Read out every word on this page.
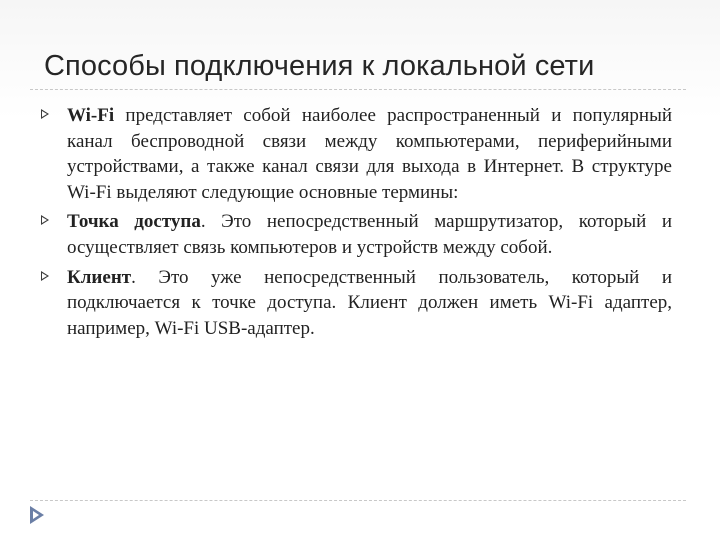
Способы подключения к локальной сети
Wi-Fi представляет собой наиболее распространенный и популярный канал беспроводной связи между компьютерами, периферийными устройствами, а также канал связи для выхода в Интернет. В структуре Wi-Fi выделяют следующие основные термины:
Точка доступа. Это непосредственный маршрутизатор, который и осуществляет связь компьютеров и устройств между собой.
Клиент. Это уже непосредственный пользователь, который и подключается к точке доступа. Клиент должен иметь Wi-Fi адаптер, например, Wi-Fi USB-адаптер.
